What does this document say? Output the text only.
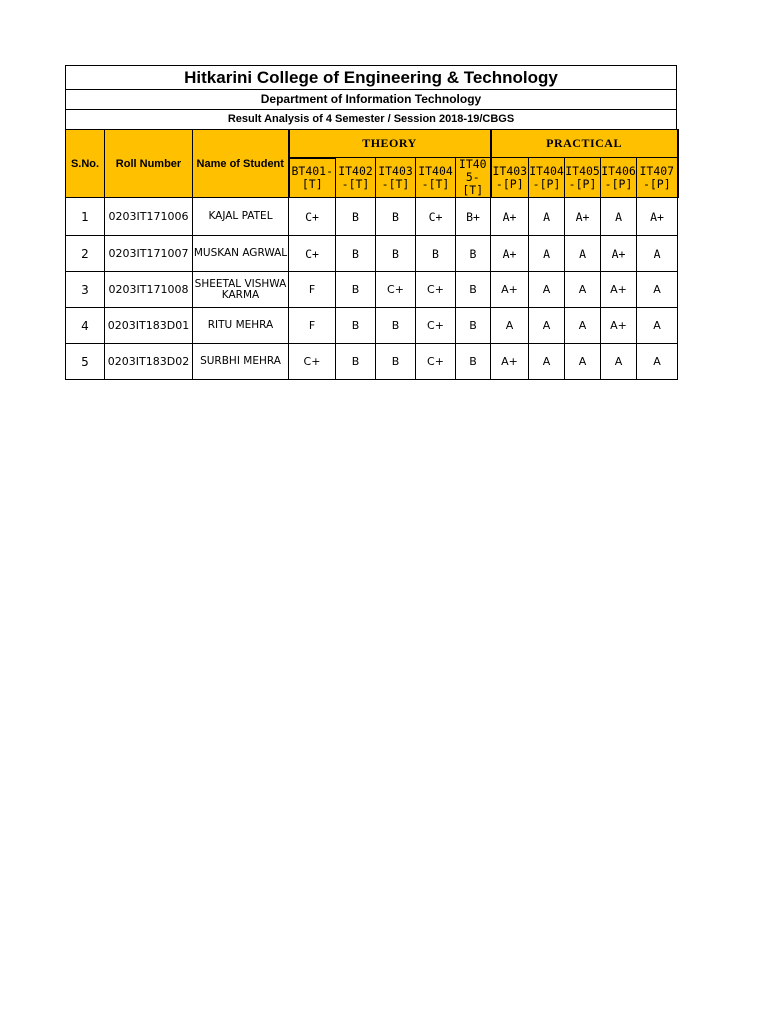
Hitkarini College of Engineering & Technology
Department of Information Technology
Result Analysis of 4 Semester / Session 2018-19/CBGS
S.No.	Roll Number	Name of Student	THEORY					PRACTICAL				
			BT401-[T]	IT402-[T]	IT403-[T]	IT404-[T]	IT405-[T]	IT403-[P]	IT404-[P]	IT405-[P]	IT406-[P]	IT407-[P]
1	0203IT171006	KAJAL PATEL	C+	B	B	C+	B+	A+	A	A+	A	A+
2	0203IT171007	MUSKAN AGRWAL	C+	B	B	B	B	A+	A	A	A+	A
3	0203IT171008	SHEETAL VISHWAKARMA	F	B	C+	C+	B	A+	A	A	A+	A
4	0203IT183D01	RITU MEHRA	F	B	B	C+	B	A	A	A	A+	A
5	0203IT183D02	SURBHI MEHRA	C+	B	B	C+	B	A+	A	A	A	A
